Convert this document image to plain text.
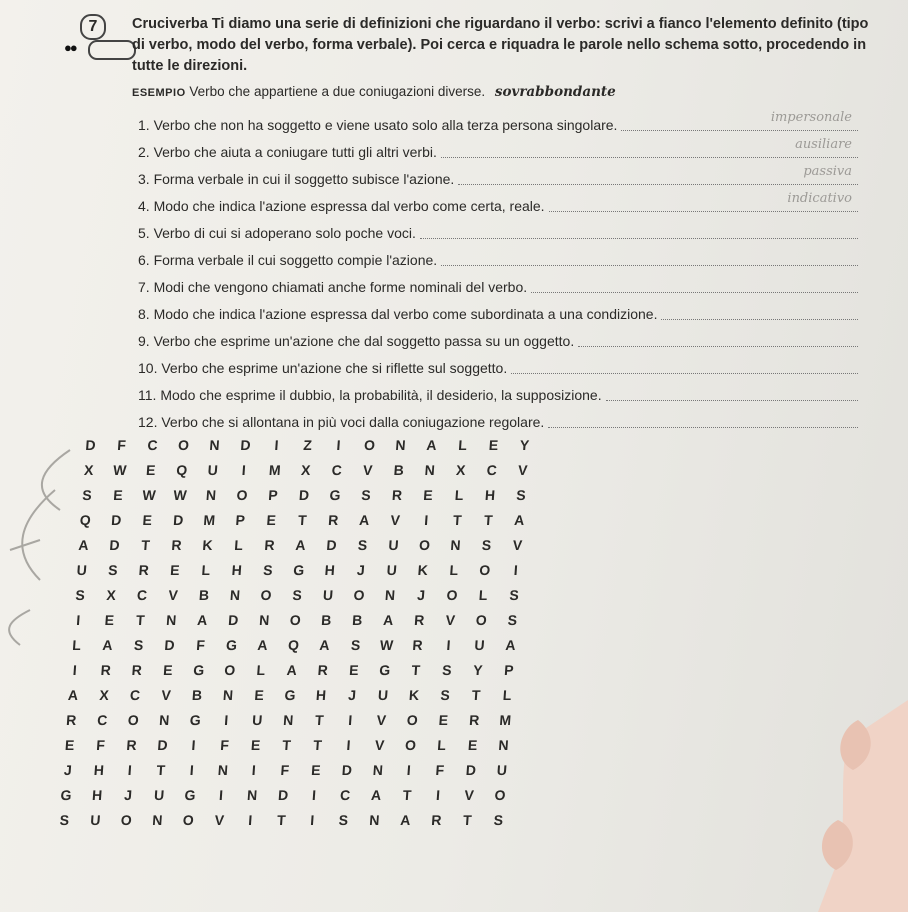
7
●●
Cruciverba Ti diamo una serie di definizioni che riguardano il verbo: scrivi a fianco l'elemento definito (tipo di verbo, modo del verbo, forma verbale). Poi cerca e riquadra le parole nello schema sotto, procedendo in tutte le direzioni.
ESEMPIO Verbo che appartiene a due coniugazioni diverse. sovrabbondante
1. Verbo che non ha soggetto e viene usato solo alla terza persona singolare.	impersonale
2. Verbo che aiuta a coniugare tutti gli altri verbi.	ausiliare
3. Forma verbale in cui il soggetto subisce l'azione.	passiva
4. Modo che indica l'azione espressa dal verbo come certa, reale.	indicativo
5. Verbo di cui si adoperano solo poche voci.
6. Forma verbale il cui soggetto compie l'azione.
7. Modi che vengono chiamati anche forme nominali del verbo.
8. Modo che indica l'azione espressa dal verbo come subordinata a una condizione.
9. Verbo che esprime un'azione che dal soggetto passa su un oggetto.
10. Verbo che esprime un'azione che si riflette sul soggetto.
11. Modo che esprime il dubbio, la probabilità, il desiderio, la supposizione.
12. Verbo che si allontana in più voci dalla coniugazione regolare.
D	F	C	O	N	D	I	Z	I	O	N	A	L	E	Y
X	W	E	Q	U	I	M	X	C	V	B	N	X	C	V
S	E	W	W	N	O	P	D	G	S	R	E	L	H	S
Q	D	E	D	M	P	E	T	R	A	V	I	T	T	A
A	D	T	R	K	L	R	A	D	S	U	O	N	S	V
U	S	R	E	L	H	S	G	H	J	U	K	L	O	I
S	X	C	V	B	N	O	S	U	O	N	J	O	L	S
I	E	T	N	A	D	N	O	B	B	A	R	V	O	S
L	A	S	D	F	G	A	Q	A	S	W	R	I	U	A
I	R	R	E	G	O	L	A	R	E	G	T	S	Y	P
A	X	C	V	B	N	E	G	H	J	U	K	S	T	L
R	C	O	N	G	I	U	N	T	I	V	O	E	R	M
E	F	R	D	I	F	E	T	T	I	V	O	L	E	N
J	H	I	T	I	N	I	F	E	D	N	I	F	D	U
G	H	J	U	G	I	N	D	I	C	A	T	I	V	O
S	U	O	N	O	V	I	T	I	S	N	A	R	T	S
